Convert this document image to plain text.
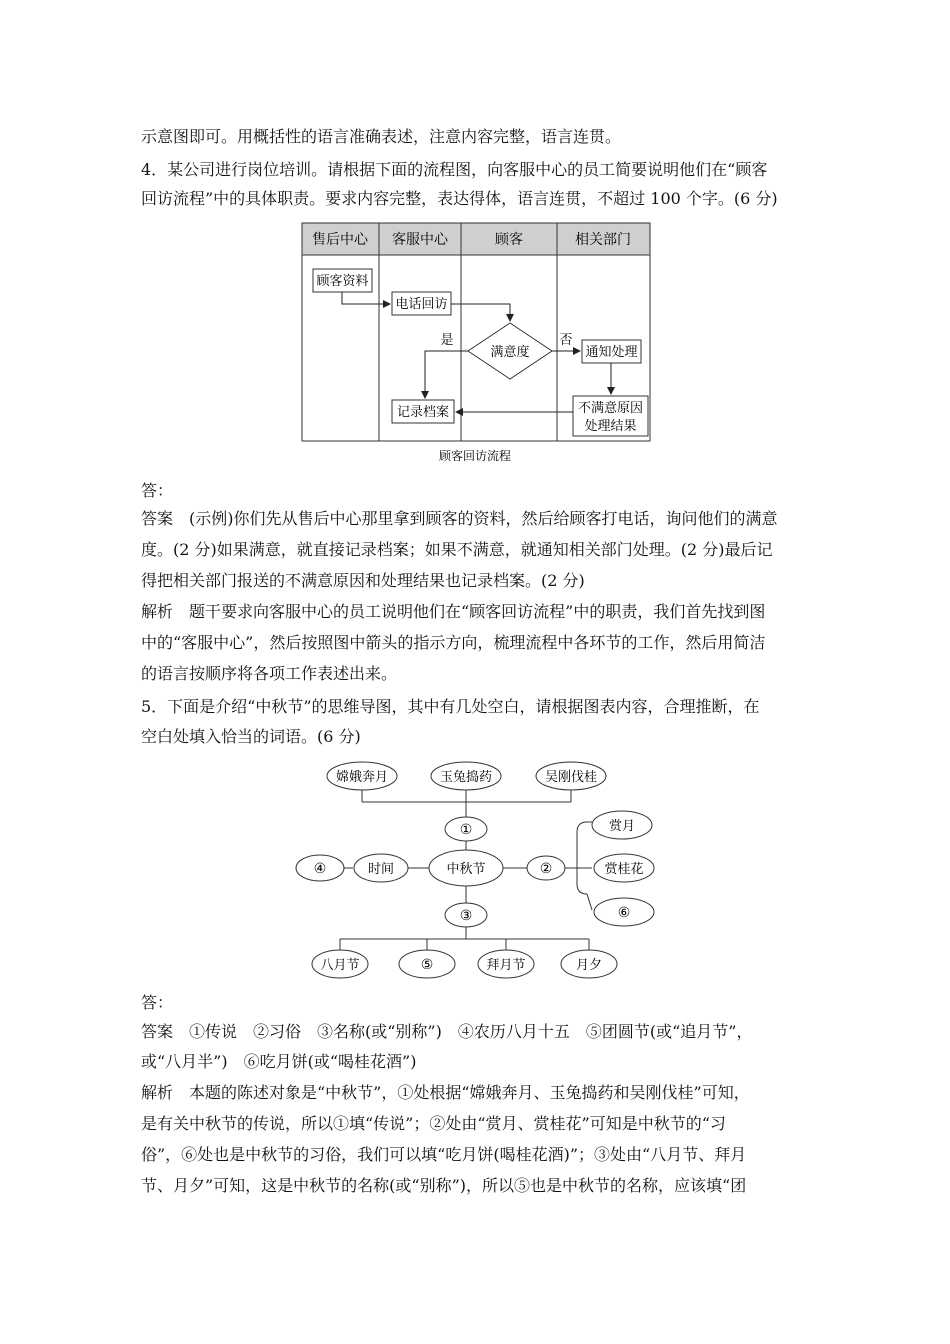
示意图即可。用概括性的语言准确表述，注意内容完整，语言连贯。
4．某公司进行岗位培训。请根据下面的流程图，向客服中心的员工简要说明他们在“顾客
回访流程”中的具体职责。要求内容完整，表达得体，语言连贯，不超过 100 个字。(6 分)
售后中心 客服中心	顾客	相关部门
顾客资料
电话回访
满意度
记录档案
通知处理
不满意原因
处理结果
是	否
顾客回访流程
答：
答案　(示例)你们先从售后中心那里拿到顾客的资料，然后给顾客打电话，询问他们的满意
度。(2 分)如果满意，就直接记录档案；如果不满意，就通知相关部门处理。(2 分)最后记
得把相关部门报送的不满意原因和处理结果也记录档案。(2 分)
解析　题干要求向客服中心的员工说明他们在“顾客回访流程”中的职责，我们首先找到图
中的“客服中心”，然后按照图中箭头的指示方向，梳理流程中各环节的工作，然后用简洁
的语言按顺序将各项工作表述出来。
5．下面是介绍“中秋节”的思维导图，其中有几处空白，请根据图表内容，合理推断，在
空白处填入恰当的词语。(6 分)
嫦娥奔月	玉兔捣药	吴刚伐桂
①
中秋节
时间
④	②
赏月
赏桂花
⑥
③
八月节	⑤	拜月节	月夕
答：
答案　①传说　②习俗　③名称(或“别称”)　④农历八月十五　⑤团圆节(或“追月节”，
或“八月半”)　⑥吃月饼(或“喝桂花酒”)
解析　本题的陈述对象是“中秋节”，①处根据“嫦娥奔月、玉兔捣药和吴刚伐桂”可知，
是有关中秋节的传说，所以①填“传说”；②处由“赏月、赏桂花”可知是中秋节的“习
俗”，⑥处也是中秋节的习俗，我们可以填“吃月饼(喝桂花酒)”；③处由“八月节、拜月
节、月夕”可知，这是中秋节的名称(或“别称”)，所以⑤也是中秋节的名称，应该填“团
